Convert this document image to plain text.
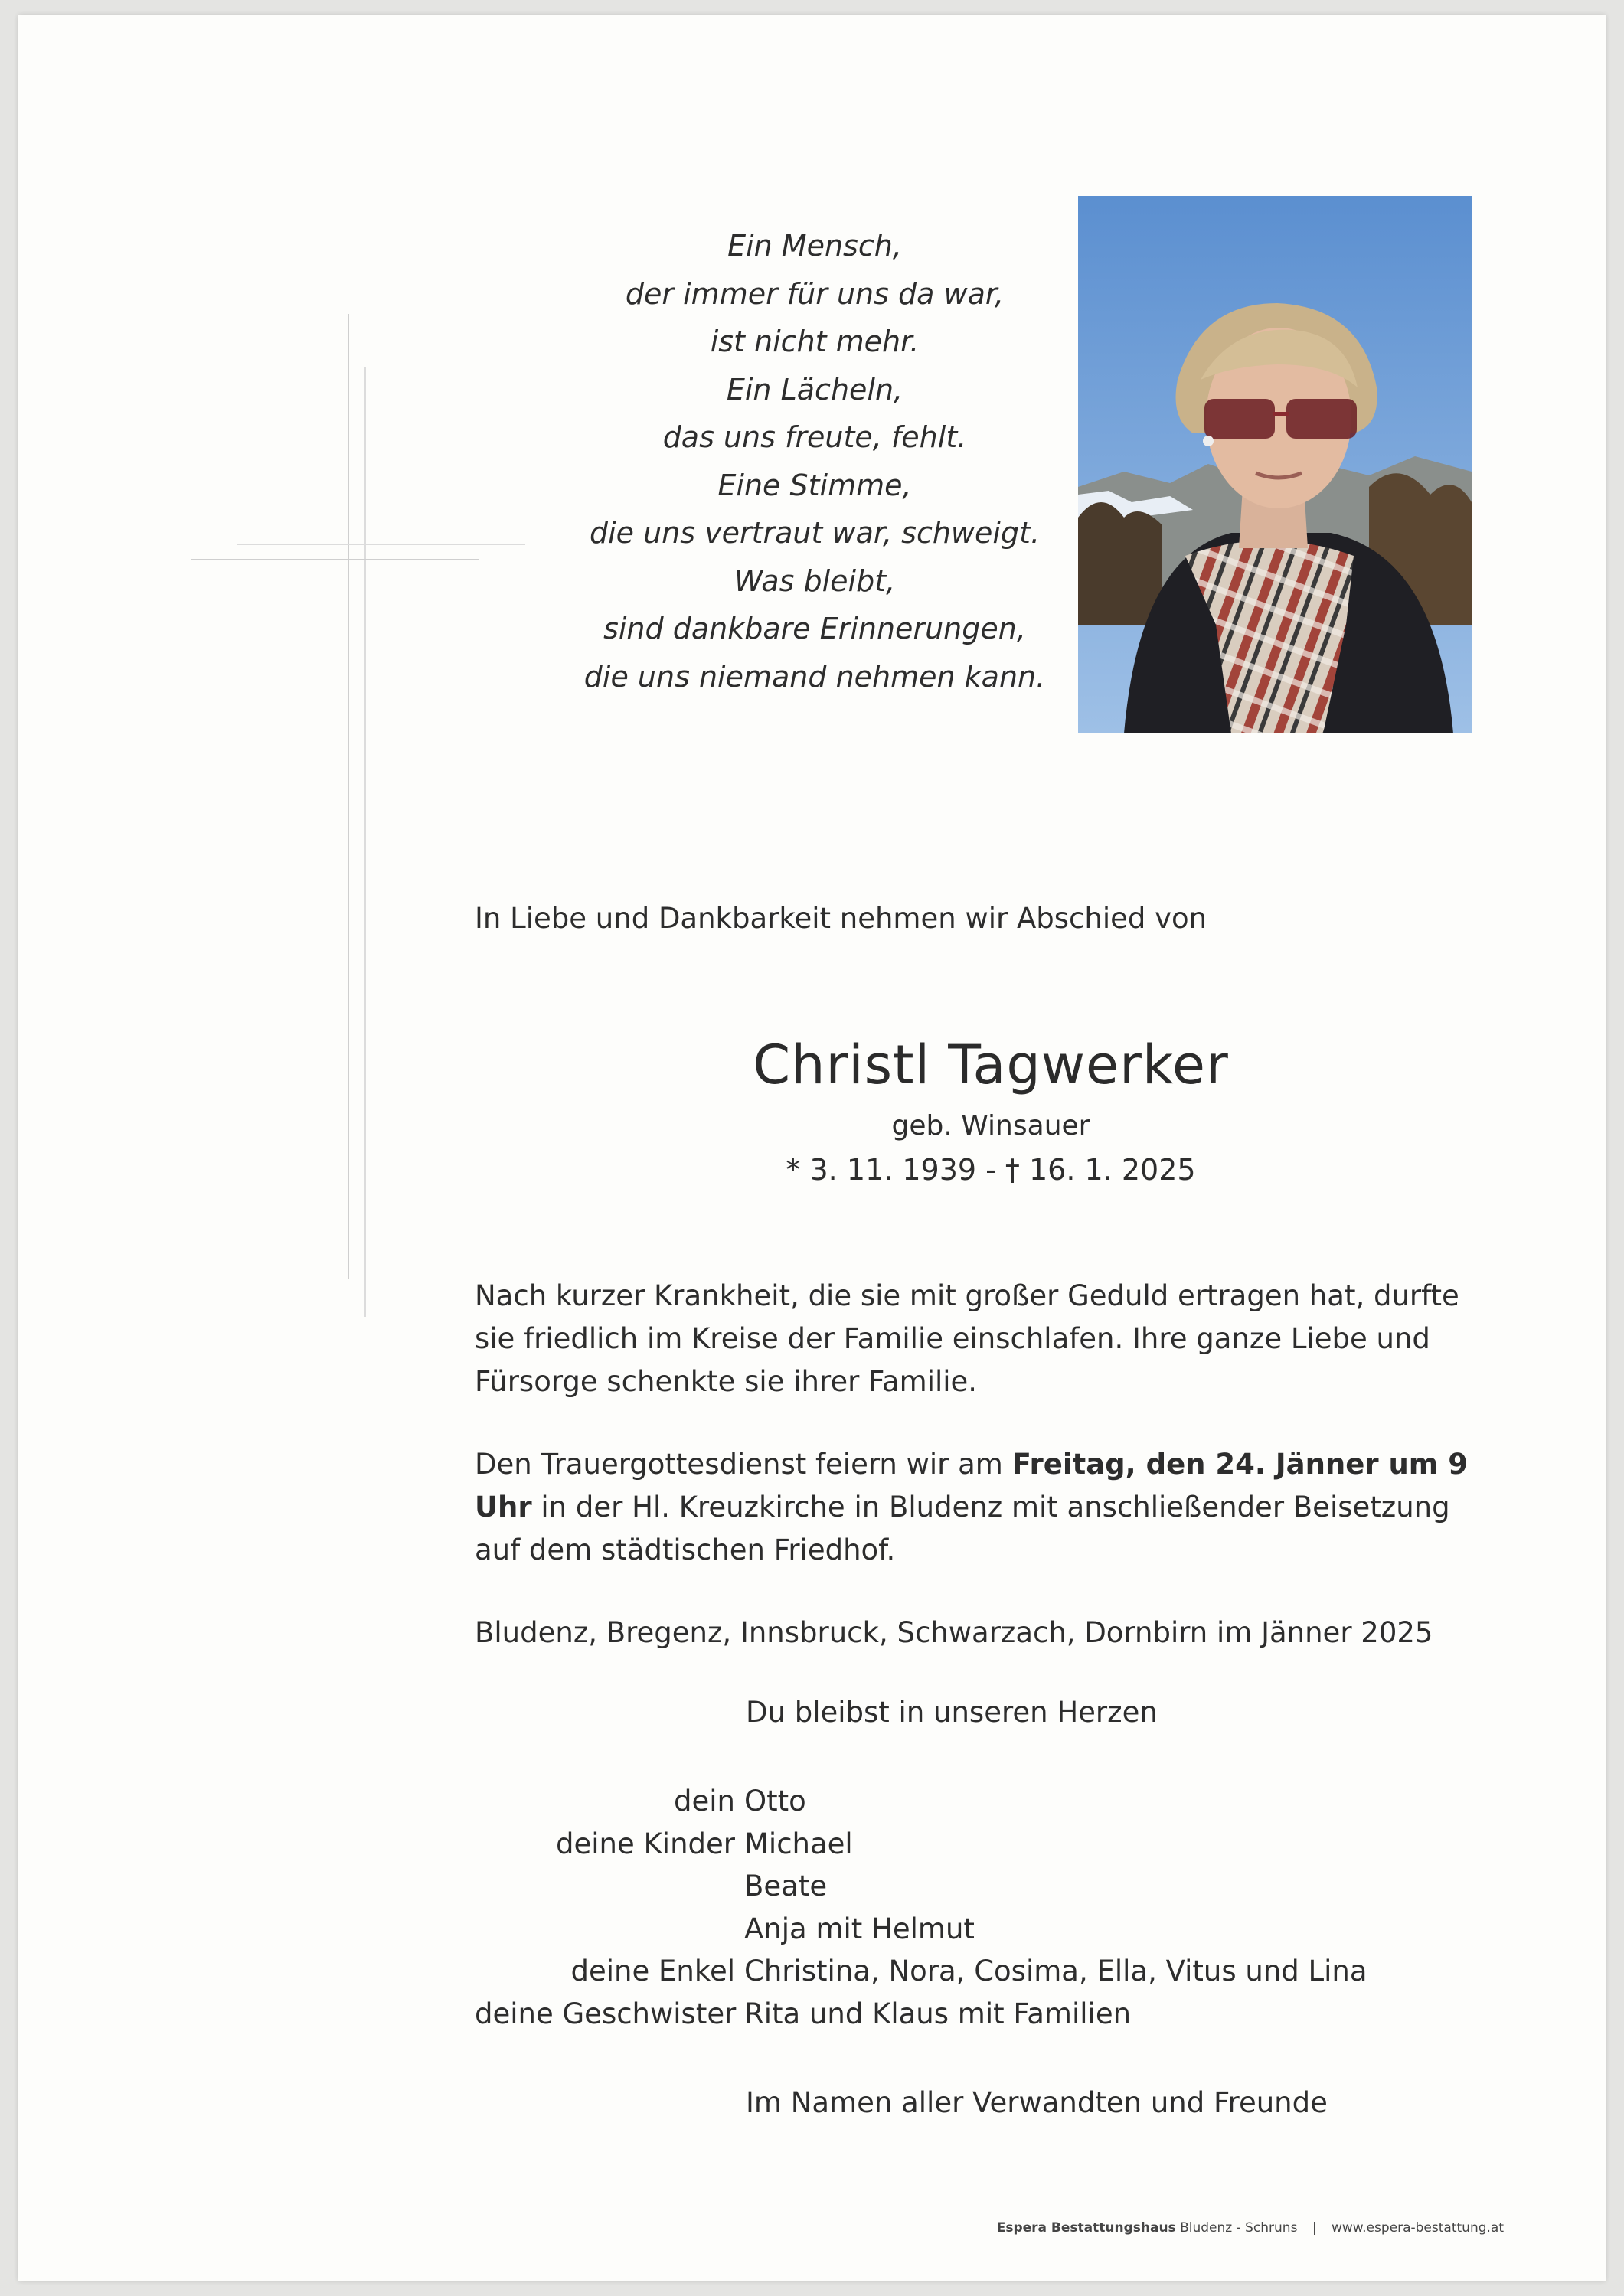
Ein Mensch,
der immer für uns da war,
ist nicht mehr.
Ein Lächeln,
das uns freute, fehlt.
Eine Stimme,
die uns vertraut war, schweigt.
Was bleibt,
sind dankbare Erinnerungen,
die uns niemand nehmen kann.
In Liebe und Dankbarkeit nehmen wir Abschied von
Christl Tagwerker
geb. Winsauer
* 3. 11. 1939 - † 16. 1. 2025
Nach kurzer Krankheit, die sie mit großer Geduld ertragen hat, durfte sie friedlich im Kreise der Familie einschlafen. Ihre ganze Liebe und Fürsorge schenkte sie ihrer Familie.
Den Trauergottesdienst feiern wir am Freitag, den 24. Jänner um 9 Uhr in der Hl. Kreuzkirche in Bludenz mit anschließender Beisetzung auf dem städtischen Friedhof.
Bludenz, Bregenz, Innsbruck, Schwarzach, Dornbirn im Jänner 2025
Du bleibst in unseren Herzen
dein Otto
deine Kinder Michael
Beate
Anja mit Helmut
deine Enkel Christina, Nora, Cosima, Ella, Vitus und Lina
deine Geschwister Rita und Klaus mit Familien
Im Namen aller Verwandten und Freunde
Espera Bestattungshaus Bludenz - Schruns | www.espera-bestattung.at
